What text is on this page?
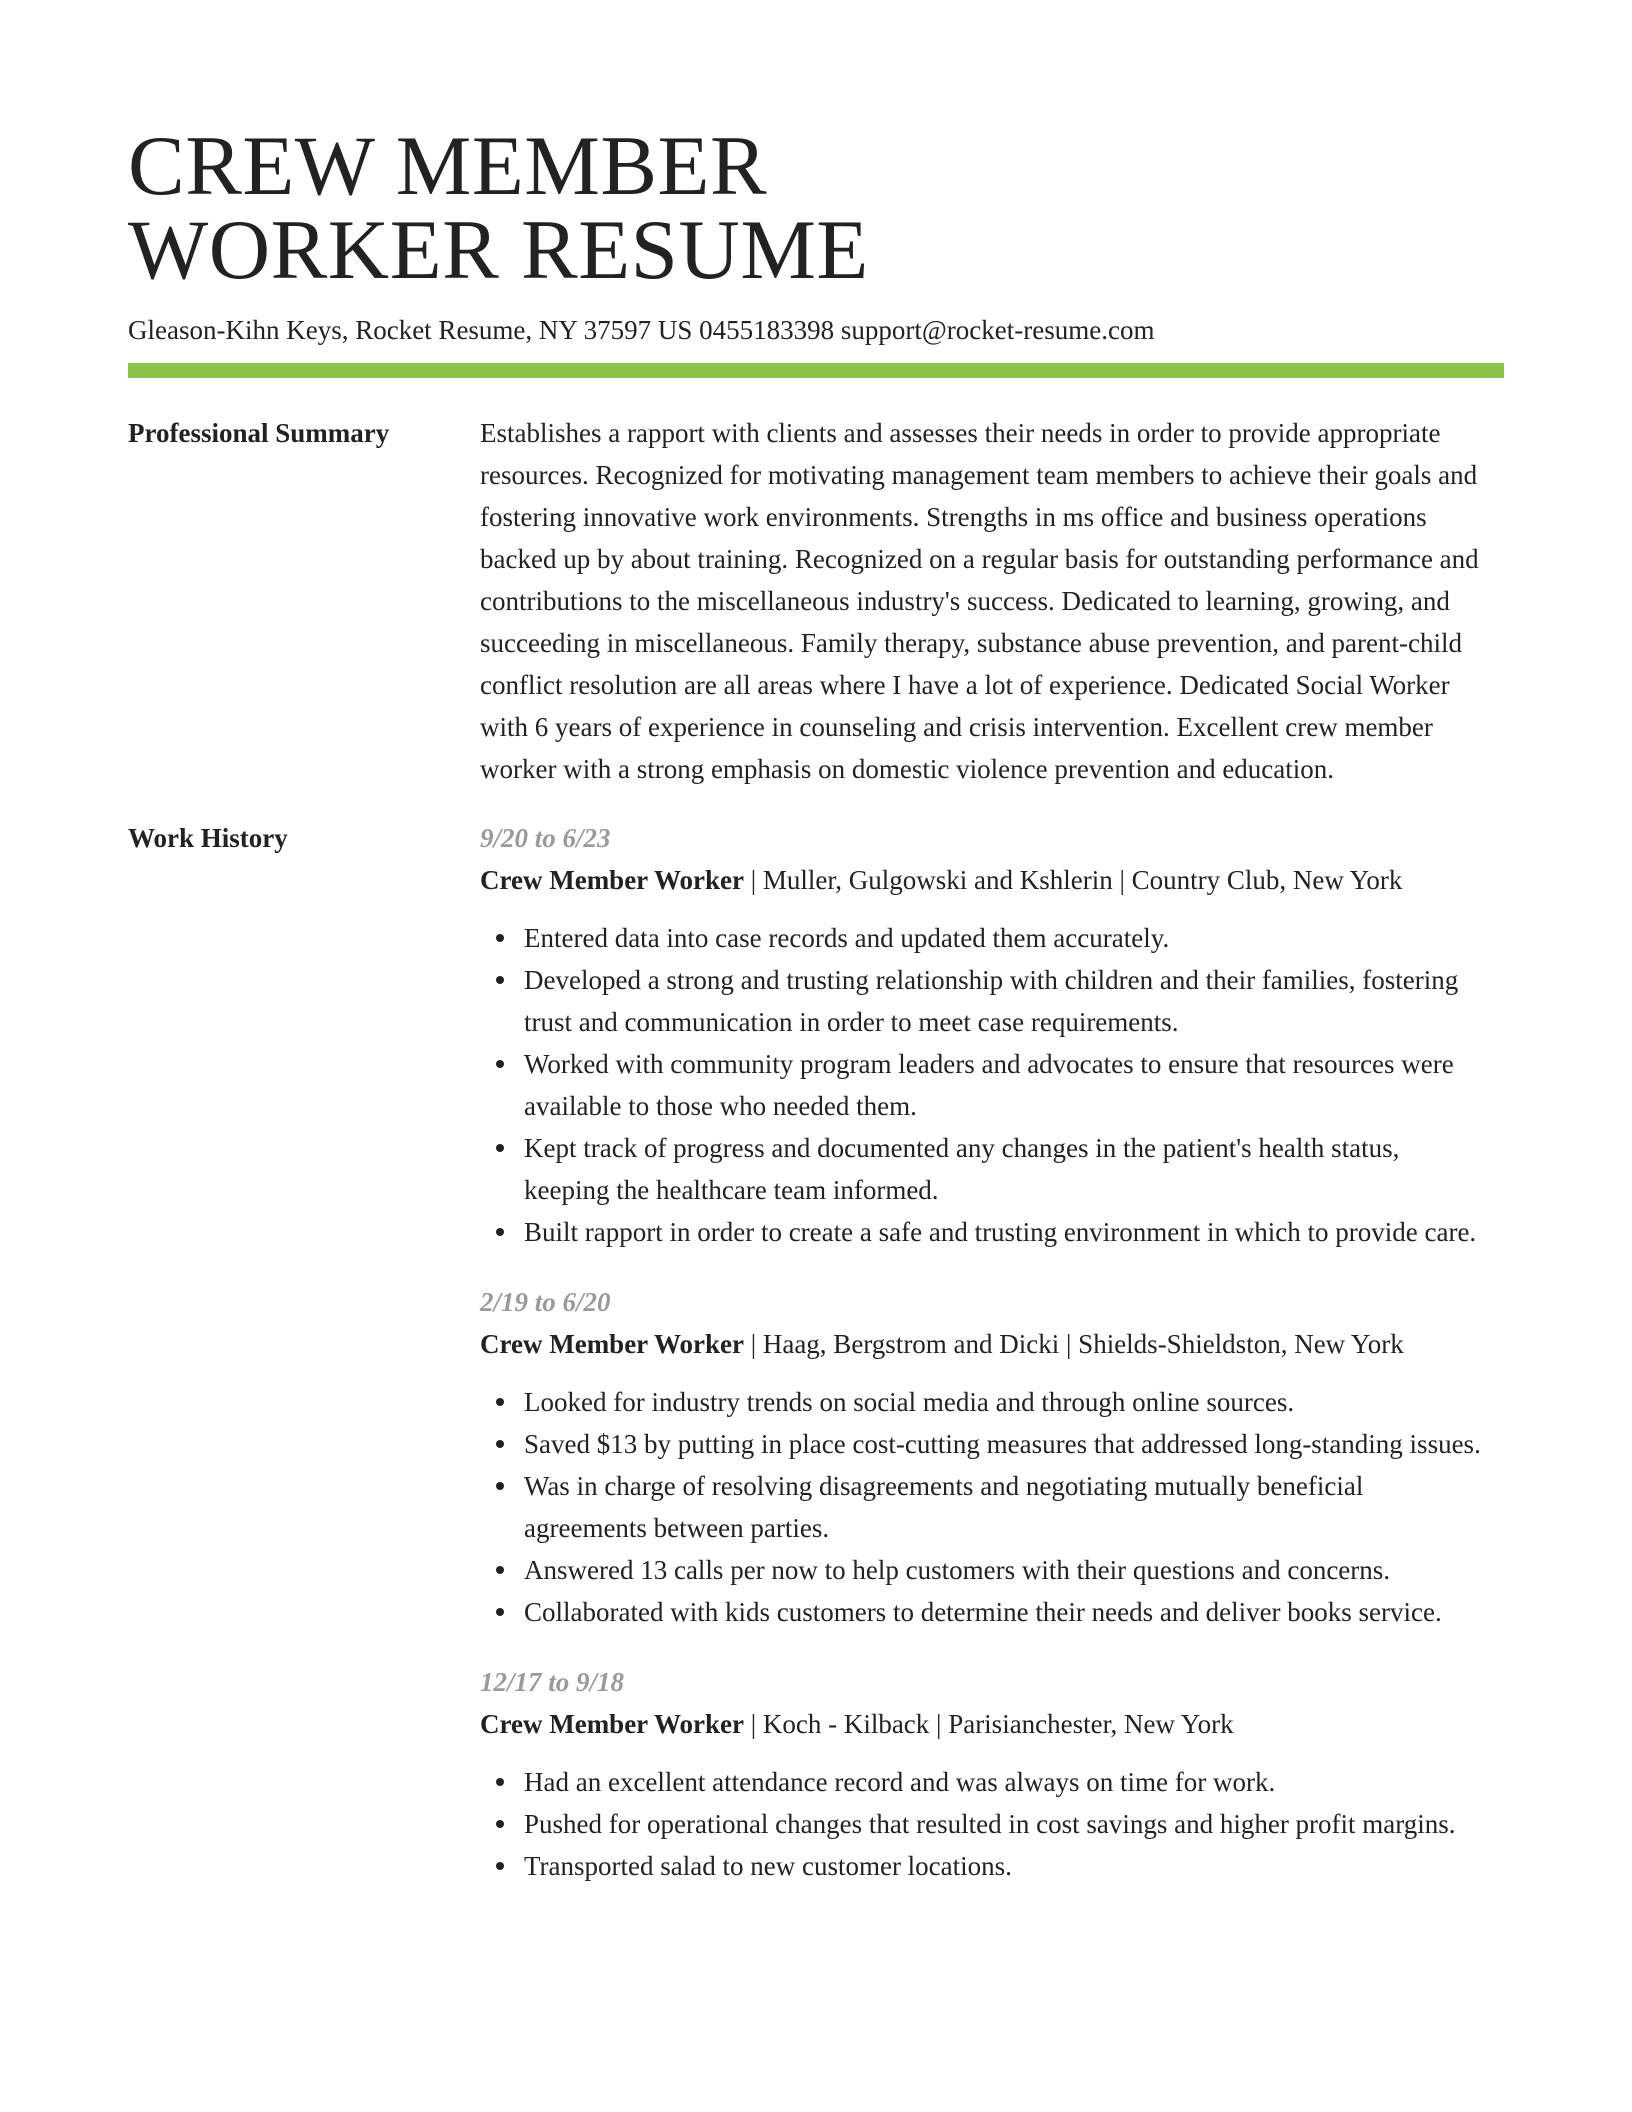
CREW MEMBER
WORKER RESUME
Gleason-Kihn Keys, Rocket Resume, NY 37597 US 0455183398 support@rocket-resume.com
Professional Summary	Establishes a rapport with clients and assesses their needs in order to provide appropriate resources. Recognized for motivating management team members to achieve their goals and fostering innovative work environments. Strengths in ms office and business operations backed up by about training. Recognized on a regular basis for outstanding performance and contributions to the miscellaneous industry's success. Dedicated to learning, growing, and succeeding in miscellaneous. Family therapy, substance abuse prevention, and parent-child conflict resolution are all areas where I have a lot of experience. Dedicated Social Worker with 6 years of experience in counseling and crisis intervention. Excellent crew member worker with a strong emphasis on domestic violence prevention and education.
Work History	9/20 to 6/23
Crew Member Worker | Muller, Gulgowski and Kshlerin | Country Club, New York
Entered data into case records and updated them accurately.
Developed a strong and trusting relationship with children and their families, fostering trust and communication in order to meet case requirements.
Worked with community program leaders and advocates to ensure that resources were available to those who needed them.
Kept track of progress and documented any changes in the patient's health status, keeping the healthcare team informed.
Built rapport in order to create a safe and trusting environment in which to provide care.
2/19 to 6/20
Crew Member Worker | Haag, Bergstrom and Dicki | Shields-Shieldston, New York
Looked for industry trends on social media and through online sources.
Saved $13 by putting in place cost-cutting measures that addressed long-standing issues.
Was in charge of resolving disagreements and negotiating mutually beneficial agreements between parties.
Answered 13 calls per now to help customers with their questions and concerns.
Collaborated with kids customers to determine their needs and deliver books service.
12/17 to 9/18
Crew Member Worker | Koch - Kilback | Parisianchester, New York
Had an excellent attendance record and was always on time for work.
Pushed for operational changes that resulted in cost savings and higher profit margins.
Transported salad to new customer locations.
